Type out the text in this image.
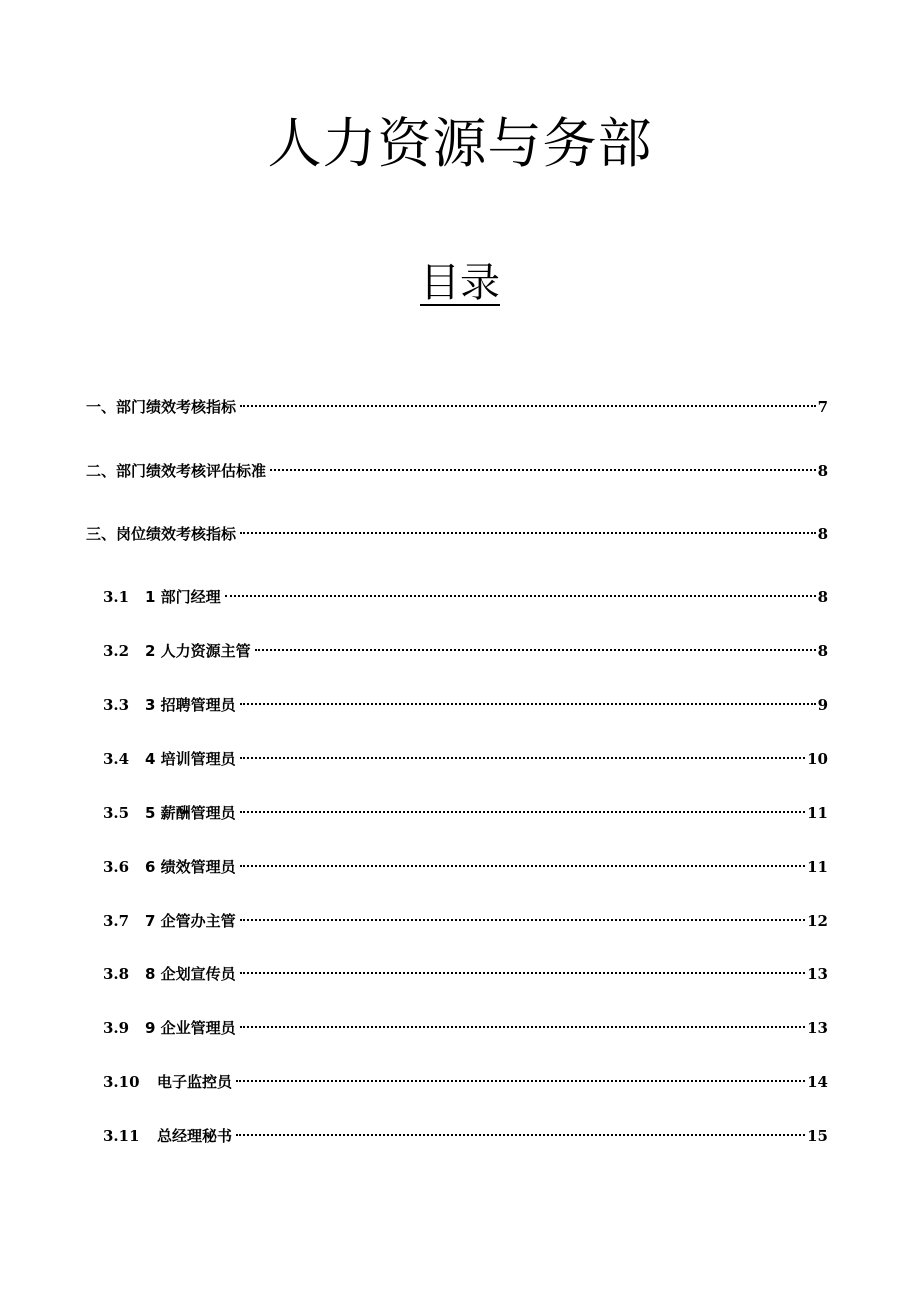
人力资源与务部
目录
一、部门绩效考核指标	7
二、部门绩效考核评估标准	8
三、岗位绩效考核指标	8
3.1	1 部门经理	8
3.2	2 人力资源主管	8
3.3	3 招聘管理员	9
3.4	4 培训管理员	10
3.5	5 薪酬管理员	11
3.6	6 绩效管理员	11
3.7	7 企管办主管	12
3.8	8 企划宣传员	13
3.9	9 企业管理员	13
3.10	电子监控员	14
3.11	总经理秘书	15
